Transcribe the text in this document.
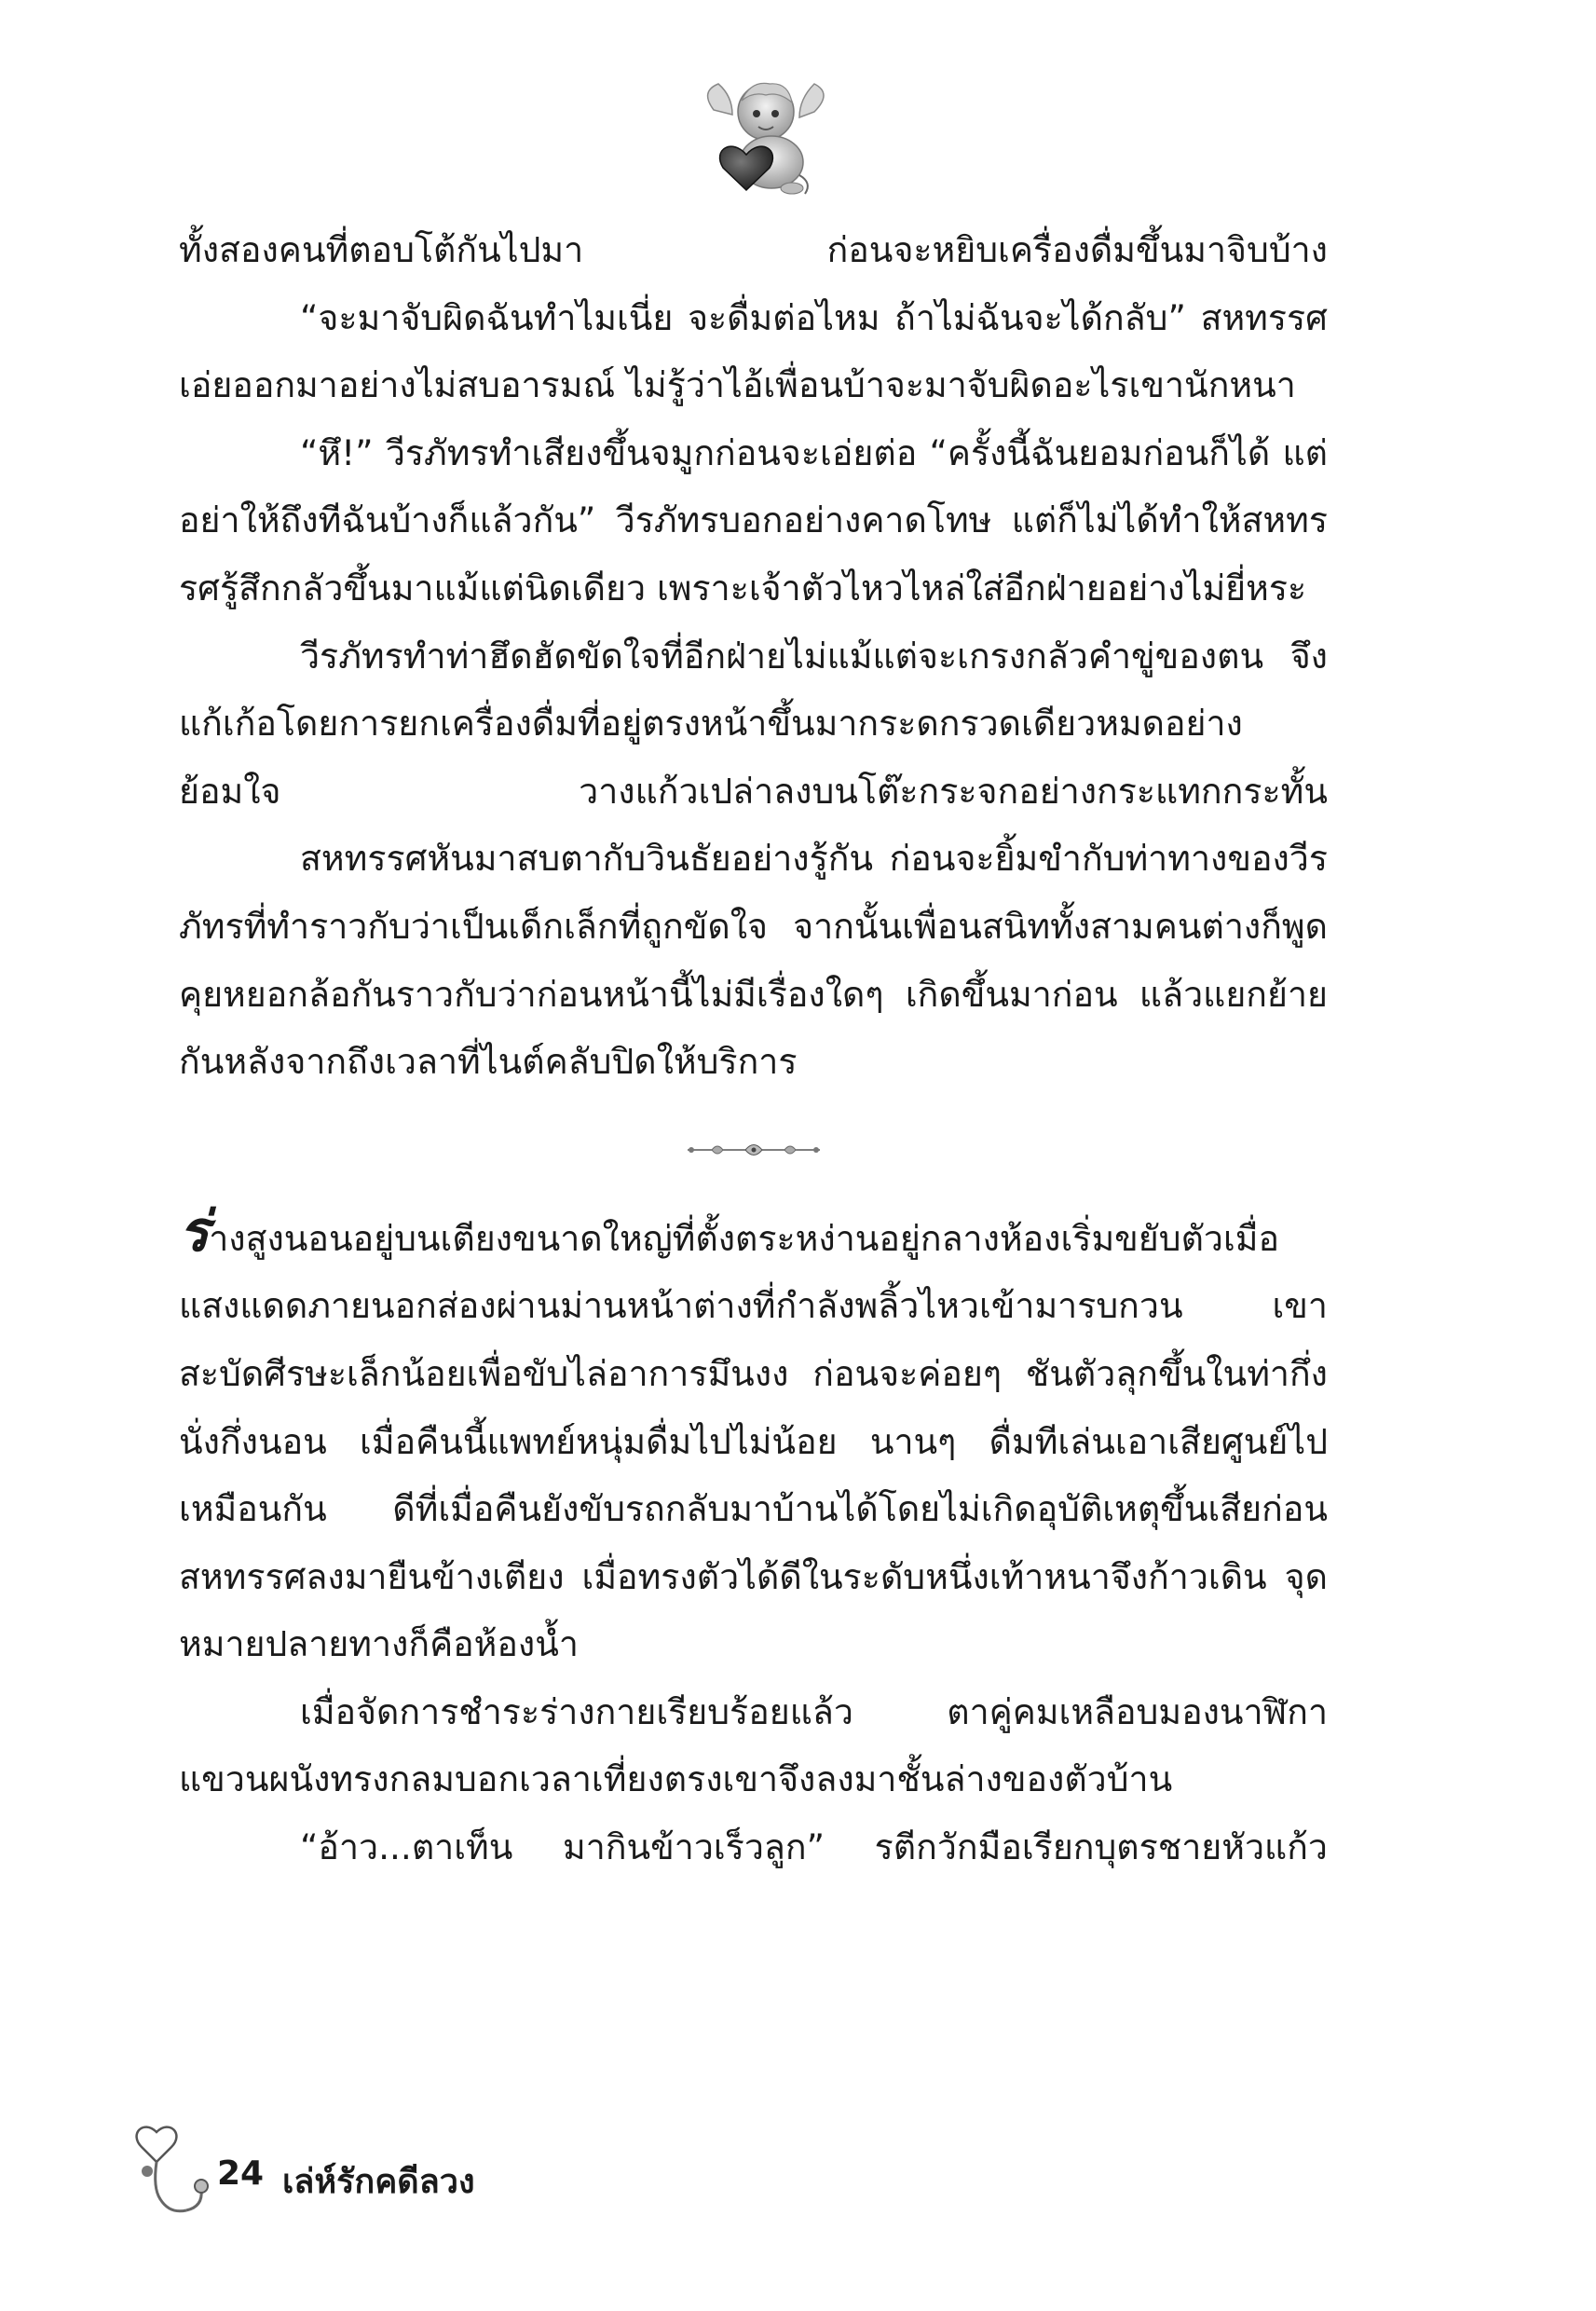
ทั้งสองคนที่ตอบโต้กันไปมา ก่อนจะหยิบเครื่องดื่มขึ้นมาจิบบ้าง

“จะมาจับผิดฉันทำไมเนี่ย จะดื่มต่อไหม ถ้าไม่ฉันจะได้กลับ” สหทรรศเอ่ยออกมาอย่างไม่สบอารมณ์ ไม่รู้ว่าไอ้เพื่อนบ้าจะมาจับผิดอะไรเขานักหนา

“หึ!” วีรภัทรทำเสียงขึ้นจมูกก่อนจะเอ่ยต่อ “ครั้งนี้ฉันยอมก่อนก็ได้ แต่อย่าให้ถึงทีฉันบ้างก็แล้วกัน” วีรภัทรบอกอย่างคาดโทษ แต่ก็ไม่ได้ทำให้สหทรรศรู้สึกกลัวขึ้นมาแม้แต่นิดเดียว เพราะเจ้าตัวไหวไหล่ใส่อีกฝ่ายอย่างไม่ยี่หระ

วีรภัทรทำท่าฮึดฮัดขัดใจที่อีกฝ่ายไม่แม้แต่จะเกรงกลัวคำขู่ของตน จึงแก้เก้อโดยการยกเครื่องดื่มที่อยู่ตรงหน้าขึ้นมากระดกรวดเดียวหมดอย่างย้อมใจ วางแก้วเปล่าลงบนโต๊ะกระจกอย่างกระแทกกระทั้น

สหทรรศหันมาสบตากับวินธัยอย่างรู้กัน ก่อนจะยิ้มขำกับท่าทางของวีรภัทรที่ทำราวกับว่าเป็นเด็กเล็กที่ถูกขัดใจ จากนั้นเพื่อนสนิททั้งสามคนต่างก็พูดคุยหยอกล้อกันราวกับว่าก่อนหน้านี้ไม่มีเรื่องใดๆ เกิดขึ้นมาก่อน แล้วแยกย้ายกันหลังจากถึงเวลาที่ไนต์คลับปิดให้บริการ

ร่างสูงนอนอยู่บนเตียงขนาดใหญ่ที่ตั้งตระหง่านอยู่กลางห้องเริ่มขยับตัวเมื่อแสงแดดภายนอกส่องผ่านม่านหน้าต่างที่กำลังพลิ้วไหวเข้ามารบกวน เขาสะบัดศีรษะเล็กน้อยเพื่อขับไล่อาการมึนงง ก่อนจะค่อยๆ ชันตัวลุกขึ้นในท่ากึ่งนั่งกึ่งนอน เมื่อคืนนี้แพทย์หนุ่มดื่มไปไม่น้อย นานๆ ดื่มทีเล่นเอาเสียศูนย์ไปเหมือนกัน ดีที่เมื่อคืนยังขับรถกลับมาบ้านได้โดยไม่เกิดอุบัติเหตุขึ้นเสียก่อน สหทรรศลงมายืนข้างเตียง เมื่อทรงตัวได้ดีในระดับหนึ่งเท้าหนาจึงก้าวเดิน จุดหมายปลายทางก็คือห้องน้ำ

เมื่อจัดการชำระร่างกายเรียบร้อยแล้ว ตาคู่คมเหลือบมองนาฬิกาแขวนผนังทรงกลมบอกเวลาเที่ยงตรงเขาจึงลงมาชั้นล่างของตัวบ้าน

“อ้าว...ตาเท็น มากินข้าวเร็วลูก” รตีกวักมือเรียกบุตรชายหัวแก้ว

24 เล่ห์รักคดีลวง
